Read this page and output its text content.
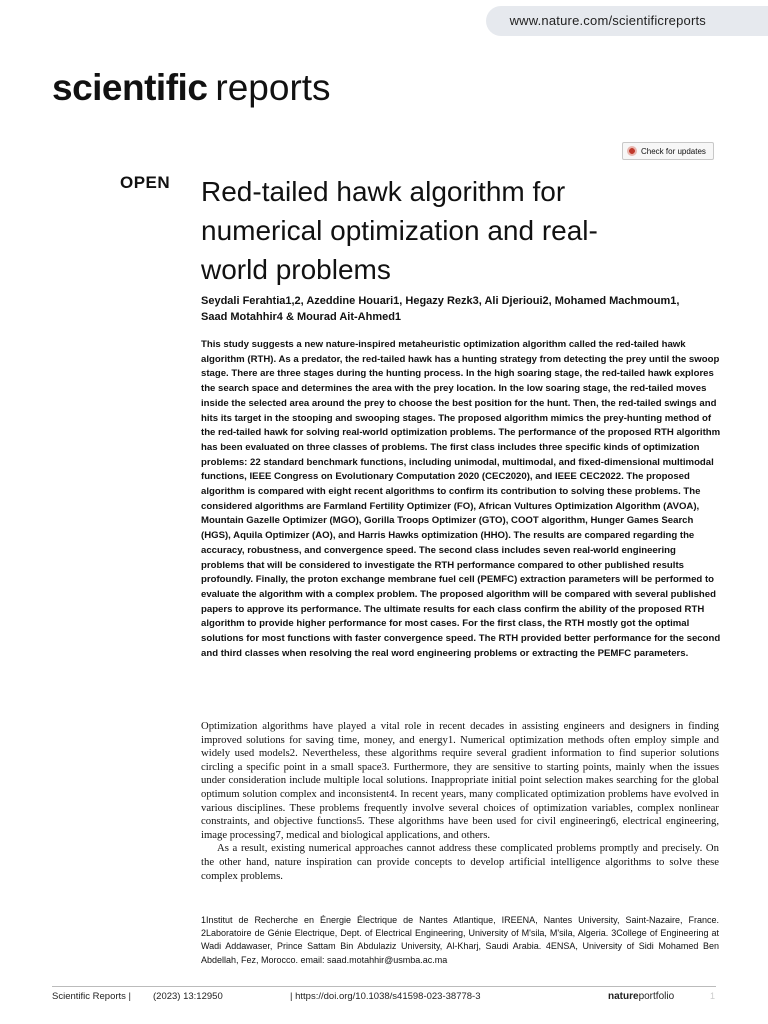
www.nature.com/scientificreports
scientific reports
Check for updates
OPEN Red-tailed hawk algorithm for numerical optimization and real-world problems
Seydali Ferahtia1,2, Azeddine Houari1, Hegazy Rezk3, Ali Djerioui2, Mohamed Machmoum1,
Saad Motahhir4 & Mourad Ait-Ahmed1

This study suggests a new nature-inspired metaheuristic optimization algorithm called the red-tailed hawk algorithm (RTH). As a predator, the red-tailed hawk has a hunting strategy from detecting the prey until the swoop stage. There are three stages during the hunting process. In the high soaring stage, the red-tailed hawk explores the search space and determines the area with the prey location. In the low soaring stage, the red-tailed moves inside the selected area around the prey to choose the best position for the hunt. Then, the red-tailed swings and hits its target in the stooping and swooping stages. The proposed algorithm mimics the prey-hunting method of the red-tailed hawk for solving real-world optimization problems. The performance of the proposed RTH algorithm has been evaluated on three classes of problems. The first class includes three specific kinds of optimization problems: 22 standard benchmark functions, including unimodal, multimodal, and fixed-dimensional multimodal functions, IEEE Congress on Evolutionary Computation 2020 (CEC2020), and IEEE CEC2022. The proposed algorithm is compared with eight recent algorithms to confirm its contribution to solving these problems. The considered algorithms are Farmland Fertility Optimizer (FO), African Vultures Optimization Algorithm (AVOA), Mountain Gazelle Optimizer (MGO), Gorilla Troops Optimizer (GTO), COOT algorithm, Hunger Games Search (HGS), Aquila Optimizer (AO), and Harris Hawks optimization (HHO). The results are compared regarding the accuracy, robustness, and convergence speed. The second class includes seven real-world engineering problems that will be considered to investigate the RTH performance compared to other published results profoundly. Finally, the proton exchange membrane fuel cell (PEMFC) extraction parameters will be performed to evaluate the algorithm with a complex problem. The proposed algorithm will be compared with several published papers to approve its performance. The ultimate results for each class confirm the ability of the proposed RTH algorithm to provide higher performance for most cases. For the first class, the RTH mostly got the optimal solutions for most functions with faster convergence speed. The RTH provided better performance for the second and third classes when resolving the real word engineering problems or extracting the PEMFC parameters.

Optimization algorithms have played a vital role in recent decades in assisting engineers and designers in finding improved solutions for saving time, money, and energy1. Numerical optimization methods often employ simple and widely used models2. Nevertheless, these algorithms require several gradient information to find superior solutions circling a specific point in a small space3. Furthermore, they are sensitive to starting points, mainly when the issues under consideration include multiple local solutions. Inappropriate initial point selection makes searching for the global optimum solution complex and inconsistent4. In recent years, many complicated optimization problems have evolved in various disciplines. These problems frequently involve several choices of optimization variables, complex nonlinear constraints, and objective functions5. These algorithms have been used for civil engineering6, electrical engineering, image processing7, medical and biological applications, and others.

As a result, existing numerical approaches cannot address these complicated problems promptly and precisely. On the other hand, nature inspiration can provide concepts to develop artificial intelligence algorithms to solve these complex problems.

1Institut de Recherche en Énergie Électrique de Nantes Atlantique, IREENA, Nantes University, Saint-Nazaire, France. 2Laboratoire de Génie Electrique, Dept. of Electrical Engineering, University of M'sila, M'sila, Algeria. 3College of Engineering at Wadi Addawaser, Prince Sattam Bin Abdulaziz University, Al-Kharj, Saudi Arabia. 4ENSA, University of Sidi Mohamed Ben Abdellah, Fez, Morocco. email: saad.motahhir@usmba.ac.ma

Scientific Reports | (2023) 13:12950	| https://doi.org/10.1038/s41598-023-38778-3	natureportfolio	1
